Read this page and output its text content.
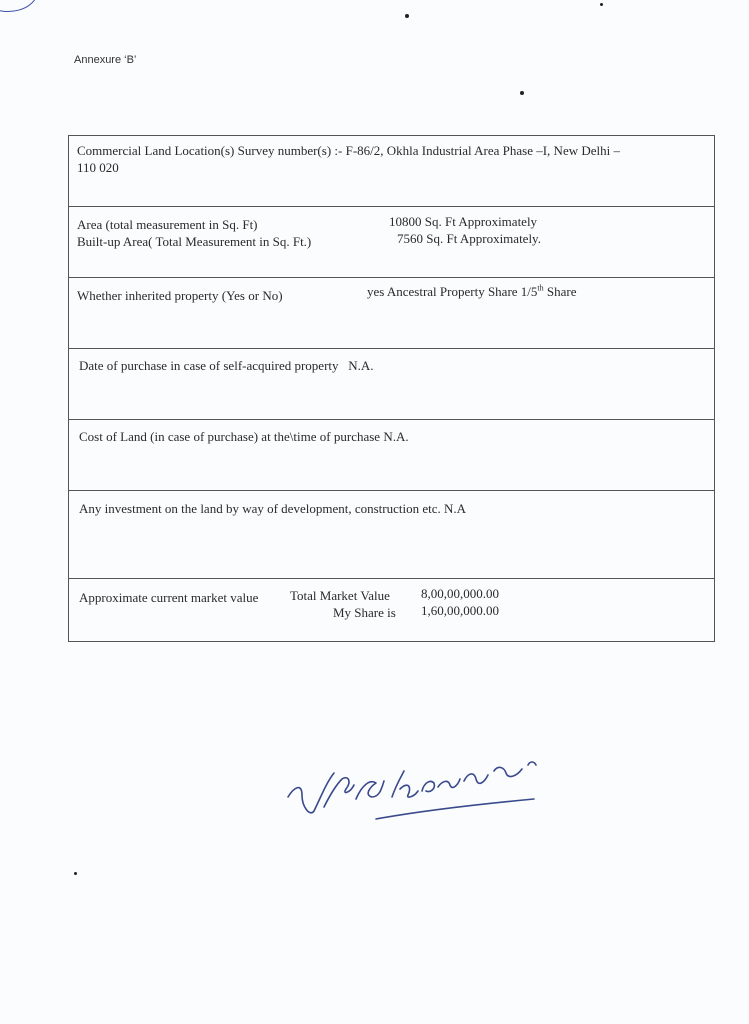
Annexure ‘B’
Commercial Land Location(s) Survey number(s) :- F-86/2, Okhla Industrial Area Phase –I, New Delhi –
110 020
Area (total measurement in Sq. Ft)	10800 Sq. Ft Approximately
Built-up Area( Total Measurement in Sq. Ft.)	7560 Sq. Ft Approximately.
Whether inherited property (Yes or No)	yes Ancestral Property Share 1/5th Share
Date of purchase in case of self-acquired property N.A.
Cost of Land (in case of purchase) at the\time of purchase N.A.
Any investment on the land by way of development, construction etc. N.A
Approximate current market value Total Market Value 8,00,00,000.00
My Share is 1,60,00,000.00
